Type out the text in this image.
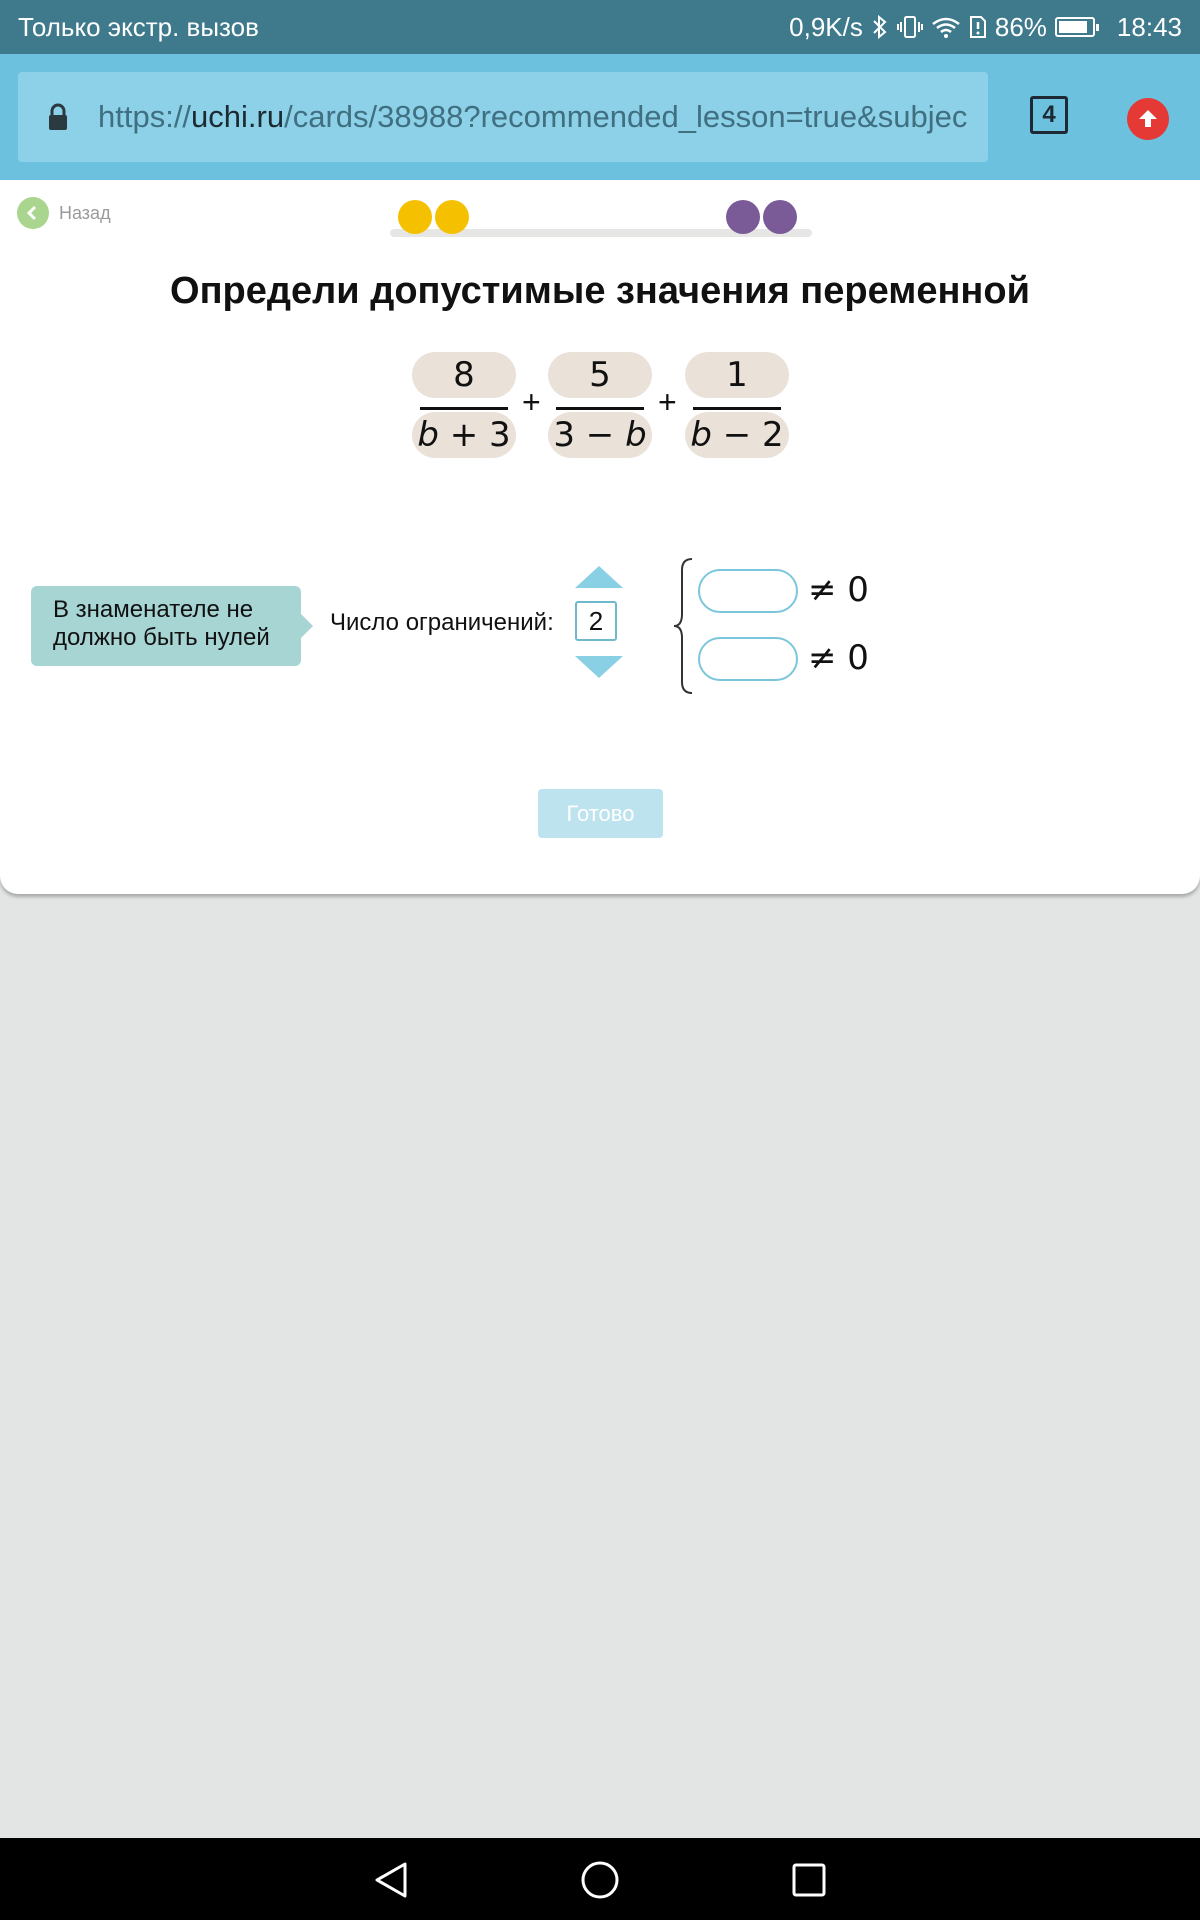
Только экстр. вызов	0,9K/s	86%	18:43
https://uchi.ru/cards/38988?recommended_lesson=true&subjec	4
Назад
Определи допустимые значения переменной
8
b + 3
+
5
3 − b
+
1
b − 2
В знаменателе не должно быть нулей
Число ограничений:	2
≠ 0
≠ 0
Готово
